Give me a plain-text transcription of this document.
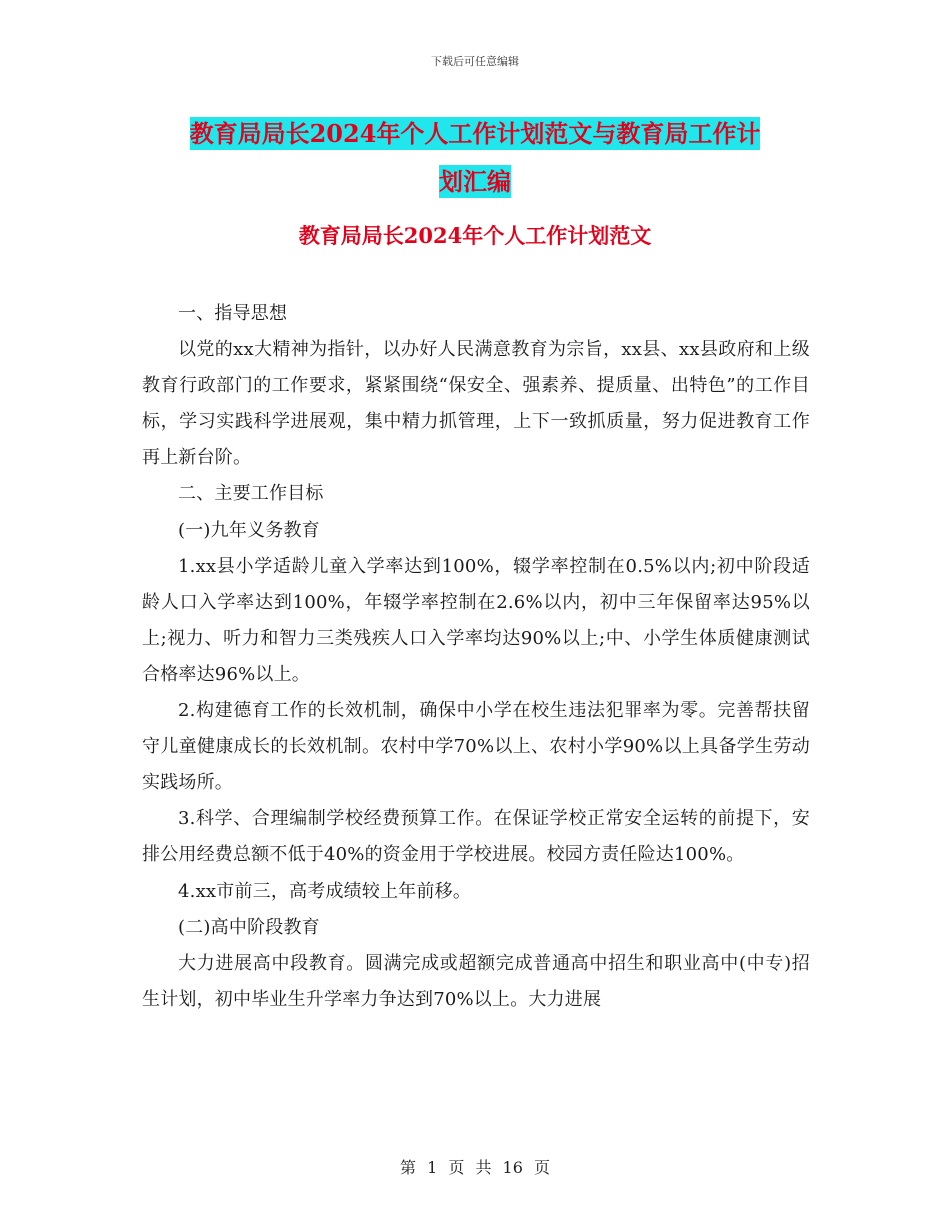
下载后可任意编辑
教育局局长2024年个人工作计划范文与教育局工作计
划汇编
教育局局长2024年个人工作计划范文

一、指导思想

以党的xx大精神为指针，以办好人民满意教育为宗旨，xx县、xx县政府和上级教育行政部门的工作要求，紧紧围绕“保安全、强素养、提质量、出特色”的工作目标，学习实践科学进展观，集中精力抓管理，上下一致抓质量，努力促进教育工作再上新台阶。

二、主要工作目标

(一)九年义务教育

1.xx县小学适龄儿童入学率达到100%，辍学率控制在0.5%以内;初中阶段适龄人口入学率达到100%，年辍学率控制在2.6%以内，初中三年保留率达95%以上;视力、听力和智力三类残疾人口入学率均达90%以上;中、小学生体质健康测试合格率达96%以上。

2.构建德育工作的长效机制，确保中小学在校生违法犯罪率为零。完善帮扶留守儿童健康成长的长效机制。农村中学70%以上、农村小学90%以上具备学生劳动实践场所。

3.科学、合理编制学校经费预算工作。在保证学校正常安全运转的前提下，安排公用经费总额不低于40%的资金用于学校进展。校园方责任险达100%。

4.xx市前三，高考成绩较上年前移。

(二)高中阶段教育

大力进展高中段教育。圆满完成或超额完成普通高中招生和职业高中(中专)招生计划，初中毕业生升学率力争达到70%以上。大力进展

第 1 页 共 16 页
